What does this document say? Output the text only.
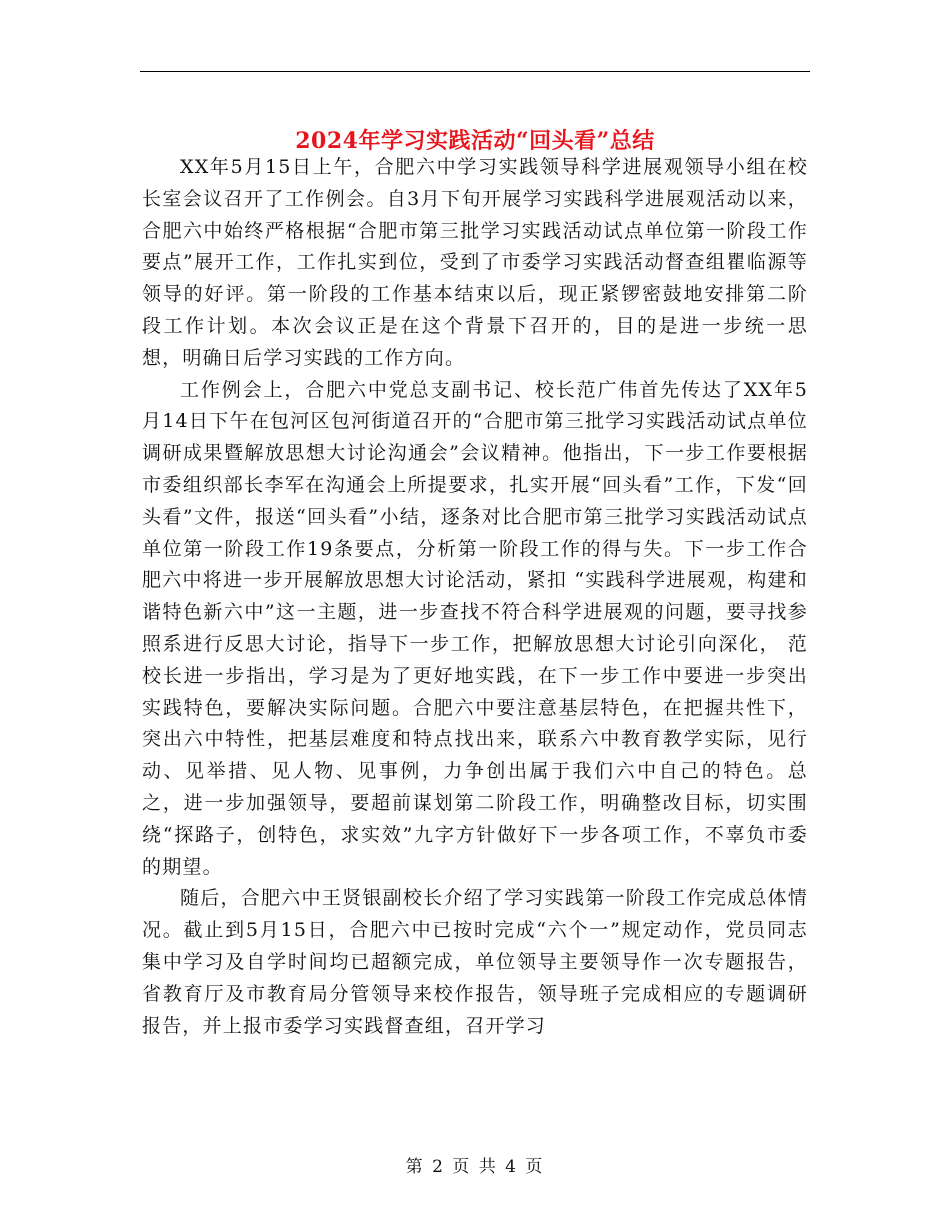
2024年学习实践活动“回头看”总结

XX年5月15日上午，合肥六中学习实践领导科学进展观领导小组在校长室会议召开了工作例会。自3月下旬开展学习实践科学进展观活动以来，合肥六中始终严格根据“合肥市第三批学习实践活动试点单位第一阶段工作要点”展开工作，工作扎实到位，受到了市委学习实践活动督查组瞿临源等领导的好评。第一阶段的工作基本结束以后，现正紧锣密鼓地安排第二阶段工作计划。本次会议正是在这个背景下召开的，目的是进一步统一思想，明确日后学习实践的工作方向。

工作例会上，合肥六中党总支副书记、校长范广伟首先传达了XX年5月14日下午在包河区包河街道召开的“合肥市第三批学习实践活动试点单位调研成果暨解放思想大讨论沟通会”会议精神。他指出，下一步工作要根据市委组织部长李军在沟通会上所提要求，扎实开展“回头看”工作，下发“回头看”文件，报送“回头看”小结，逐条对比合肥市第三批学习实践活动试点单位第一阶段工作19条要点，分析第一阶段工作的得与失。下一步工作合肥六中将进一步开展解放思想大讨论活动，紧扣 “实践科学进展观，构建和谐特色新六中”这一主题，进一步查找不符合科学进展观的问题，要寻找参照系进行反思大讨论，指导下一步工作，把解放思想大讨论引向深化， 范校长进一步指出，学习是为了更好地实践，在下一步工作中要进一步突出实践特色，要解决实际问题。合肥六中要注意基层特色，在把握共性下，突出六中特性，把基层难度和特点找出来，联系六中教育教学实际，见行动、见举措、见人物、见事例，力争创出属于我们六中自己的特色。总之，进一步加强领导，要超前谋划第二阶段工作，明确整改目标，切实围绕“探路子，创特色，求实效”九字方针做好下一步各项工作，不辜负市委的期望。

随后，合肥六中王贤银副校长介绍了学习实践第一阶段工作完成总体情况。截止到5月15日，合肥六中已按时完成“六个一”规定动作，党员同志集中学习及自学时间均已超额完成，单位领导主要领导作一次专题报告，省教育厅及市教育局分管领导来校作报告，领导班子完成相应的专题调研报告，并上报市委学习实践督查组，召开学习

第 2 页 共 4 页
